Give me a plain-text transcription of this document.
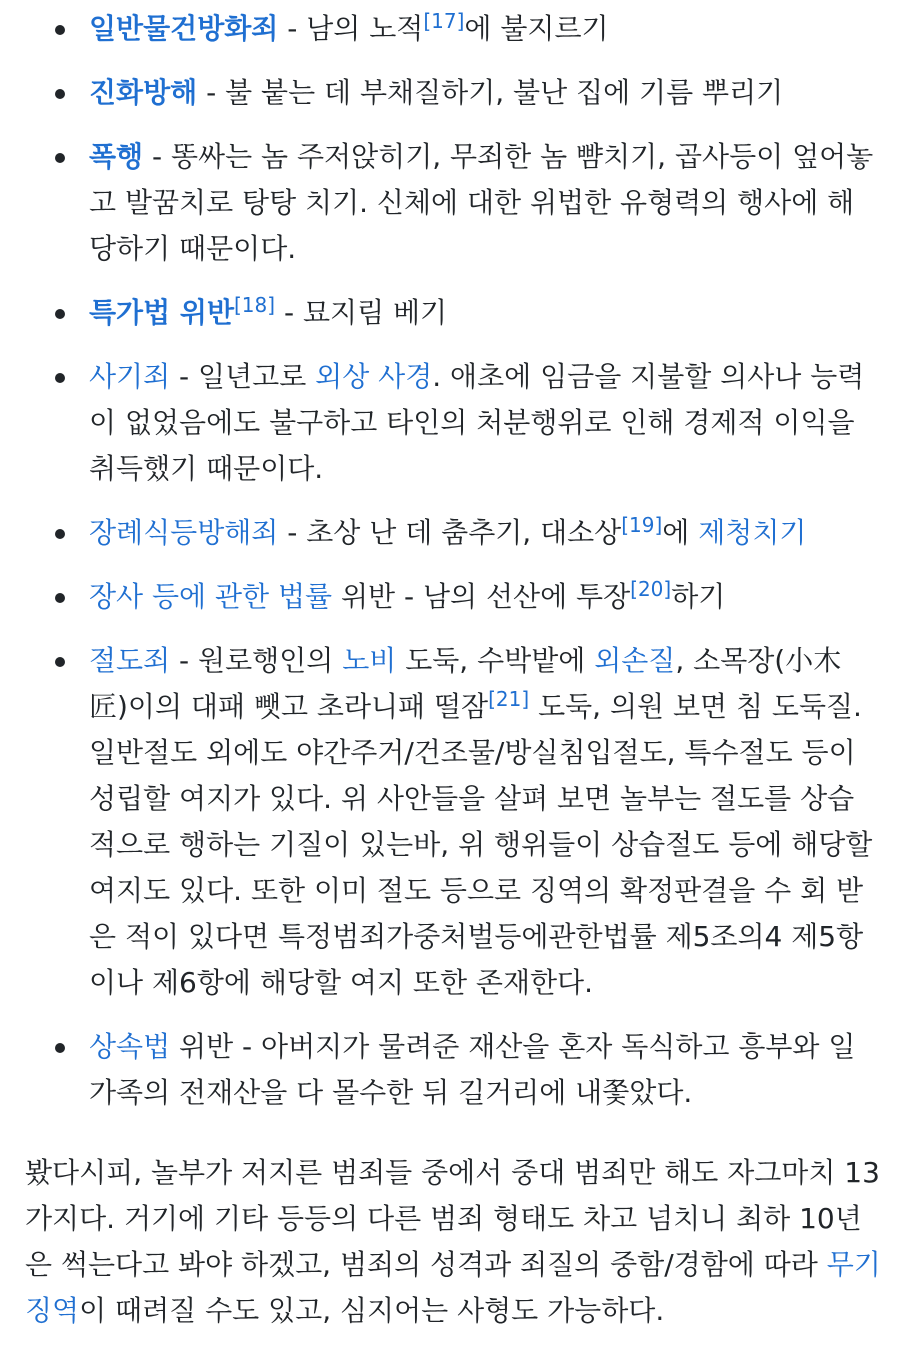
일반물건방화죄 - 남의 노적[17]에 불지르기
진화방해 - 불 붙는 데 부채질하기, 불난 집에 기름 뿌리기
폭행 - 똥싸는 놈 주저앉히기, 무죄한 놈 뺨치기, 곱사등이 엎어놓고 발꿈치로 탕탕 치기. 신체에 대한 위법한 유형력의 행사에 해당하기 때문이다.
특가법 위반[18] - 묘지림 베기
사기죄 - 일년고로 외상 사경. 애초에 임금을 지불할 의사나 능력이 없었음에도 불구하고 타인의 처분행위로 인해 경제적 이익을 취득했기 때문이다.
장례식등방해죄 - 초상 난 데 춤추기, 대소상[19]에 제청치기
장사 등에 관한 법률 위반 - 남의 선산에 투장[20]하기
절도죄 - 원로행인의 노비 도둑, 수박밭에 외손질, 소목장(小木匠)이의 대패 뺏고 초라니패 떨잠[21] 도둑, 의원 보면 침 도둑질. 일반절도 외에도 야간주거/건조물/방실침입절도, 특수절도 등이 성립할 여지가 있다. 위 사안들을 살펴 보면 놀부는 절도를 상습적으로 행하는 기질이 있는바, 위 행위들이 상습절도 등에 해당할 여지도 있다. 또한 이미 절도 등으로 징역의 확정판결을 수 회 받은 적이 있다면 특정범죄가중처벌등에관한법률 제5조의4 제5항이나 제6항에 해당할 여지 또한 존재한다.
상속법 위반 - 아버지가 물려준 재산을 혼자 독식하고 흥부와 일가족의 전재산을 다 몰수한 뒤 길거리에 내쫓았다.

봤다시피, 놀부가 저지른 범죄들 중에서 중대 범죄만 해도 자그마치 13가지다. 거기에 기타 등등의 다른 범죄 형태도 차고 넘치니 최하 10년은 썩는다고 봐야 하겠고, 범죄의 성격과 죄질의 중함/경함에 따라 무기징역이 때려질 수도 있고, 심지어는 사형도 가능하다.
